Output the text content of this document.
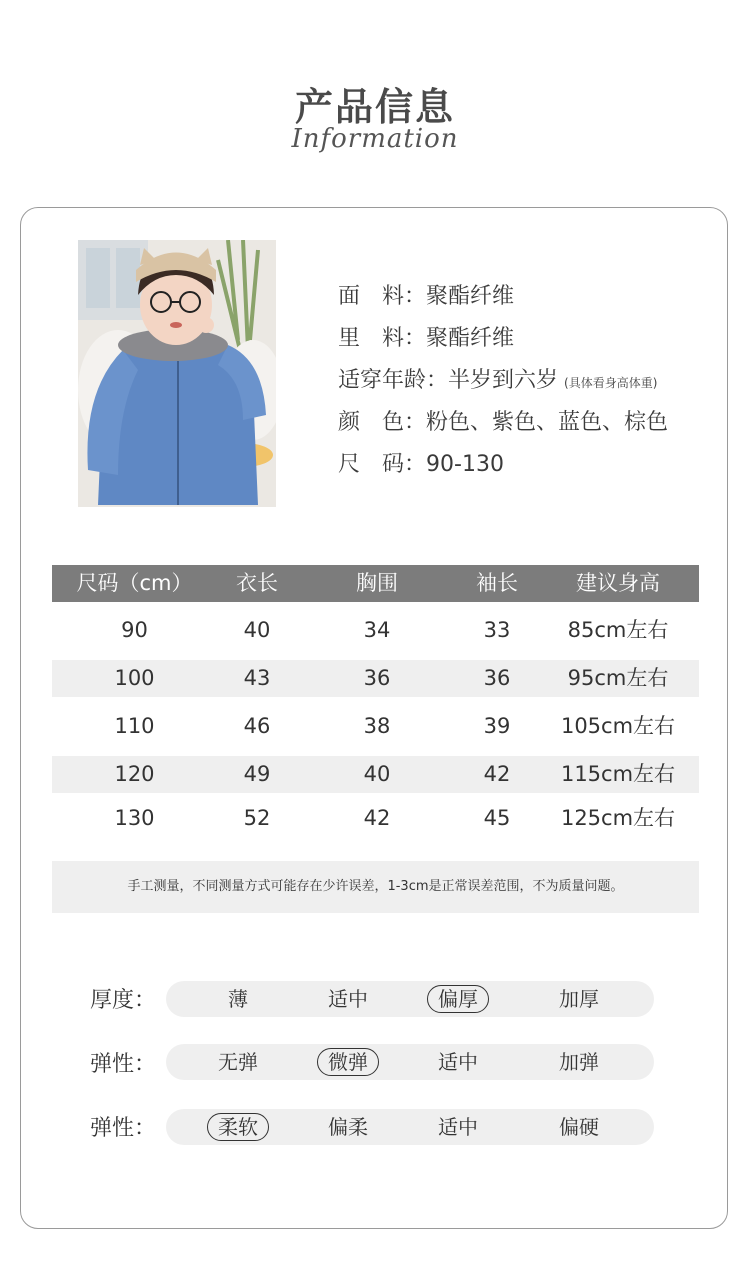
产品信息
Information
面　料：聚酯纤维
里　料：聚酯纤维
适穿年龄：半岁到六岁 (具体看身高体重)
颜　色：粉色、紫色、蓝色、棕色
尺　码：90-130
尺码（cm）	衣长	胸围	袖长	建议身高
90	40	34	33	85cm左右
100	43	36	36	95cm左右
110	46	38	39	105cm左右
120	49	40	42	115cm左右
130	52	42	45	125cm左右
手工测量，不同测量方式可能存在少许误差，1-3cm是正常误差范围，不为质量问题。
厚度：	薄	适中	偏厚	加厚
弹性：	无弹	微弹	适中	加弹
弹性：	柔软	偏柔	适中	偏硬
